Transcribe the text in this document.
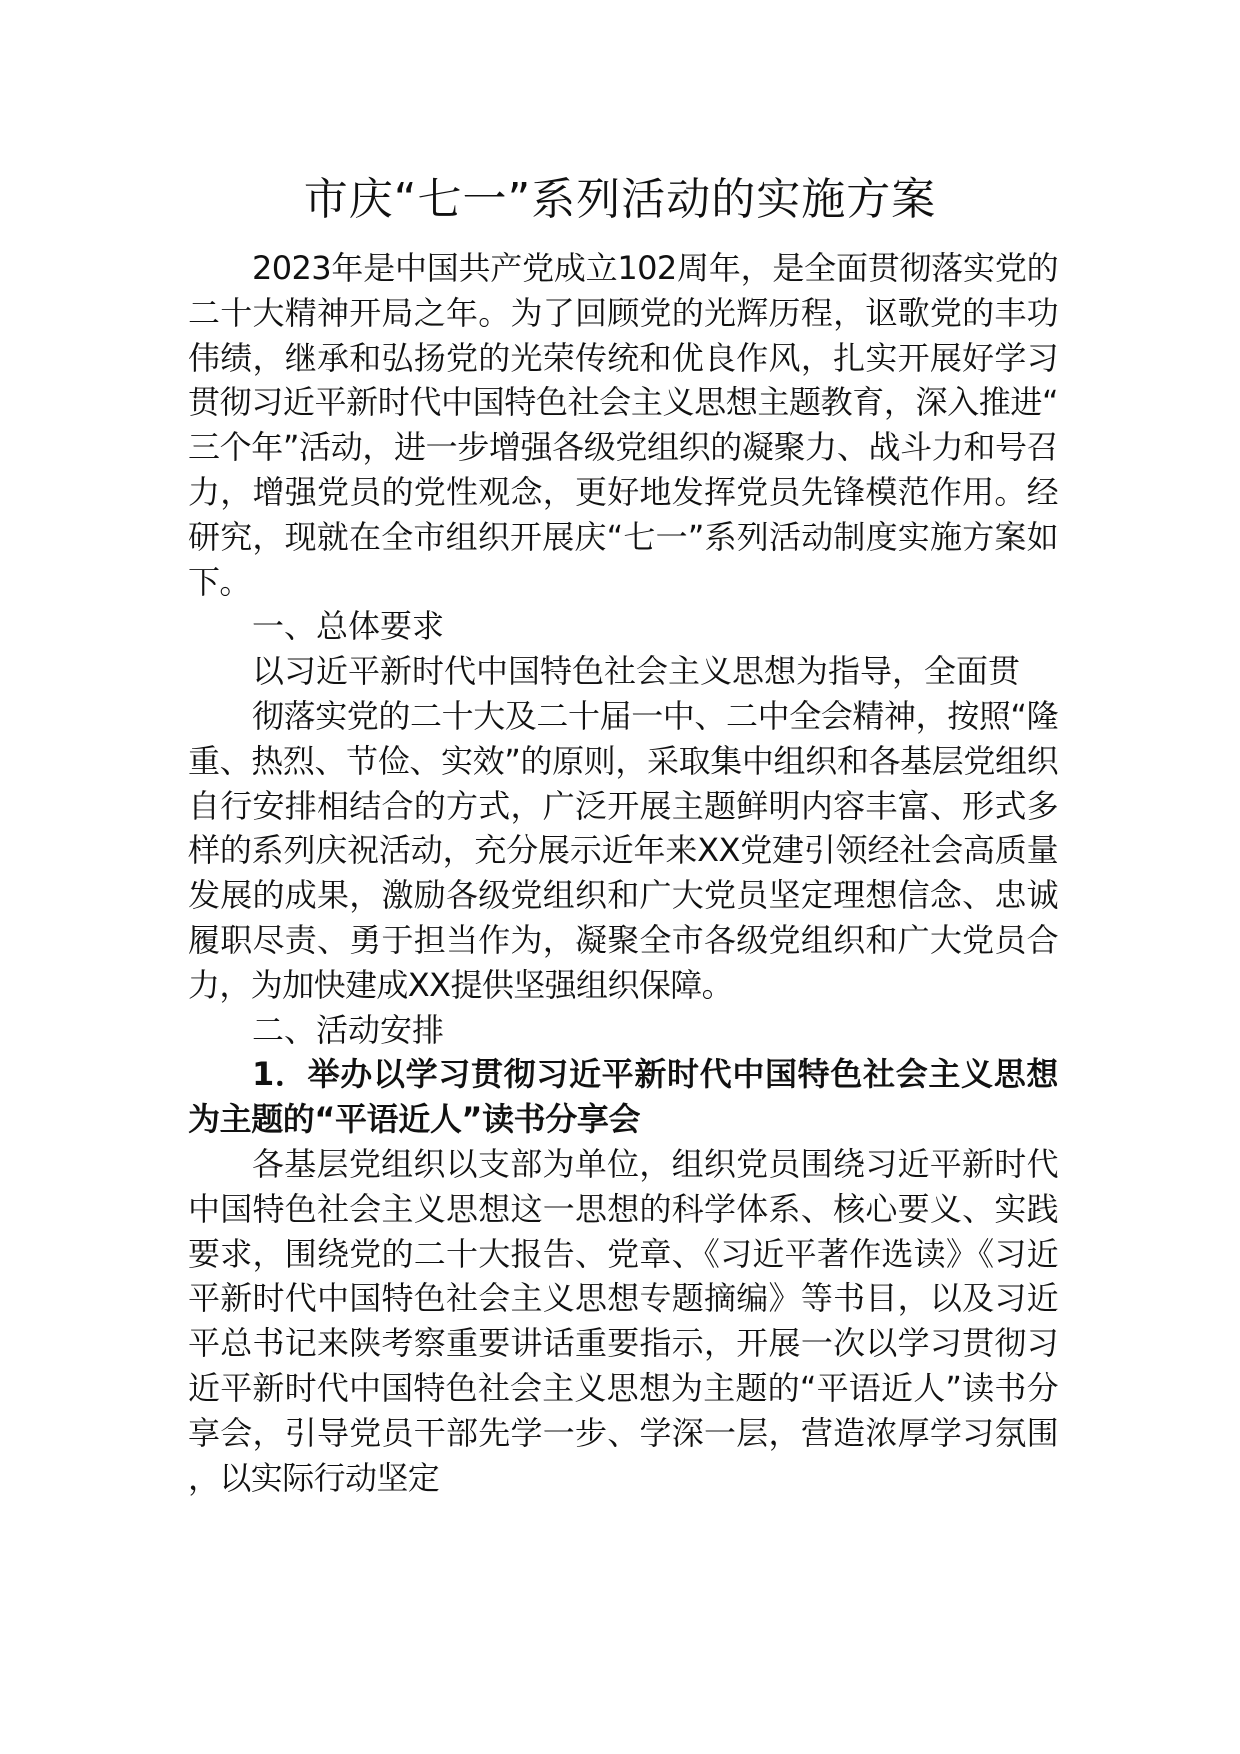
市庆“七一”系列活动的实施方案

2023年是中国共产党成立102周年，是全面贯彻落实党的二十大精神开局之年。为了回顾党的光辉历程，讴歌党的丰功伟绩，继承和弘扬党的光荣传统和优良作风，扎实开展好学习贯彻习近平新时代中国特色社会主义思想主题教育，深入推进“三个年”活动，进一步增强各级党组织的凝聚力、战斗力和号召力，增强党员的党性观念，更好地发挥党员先锋模范作用。经研究，现就在全市组织开展庆“七一”系列活动制度实施方案如下。

一、总体要求

以习近平新时代中国特色社会主义思想为指导，全面贯

彻落实党的二十大及二十届一中、二中全会精神，按照“隆重、热烈、节俭、实效”的原则，采取集中组织和各基层党组织自行安排相结合的方式，广泛开展主题鲜明内容丰富、形式多样的系列庆祝活动，充分展示近年来XX党建引领经社会高质量发展的成果，激励各级党组织和广大党员坚定理想信念、忠诚履职尽责、勇于担当作为，凝聚全市各级党组织和广大党员合力，为加快建成XX提供坚强组织保障。

二、活动安排

1．举办以学习贯彻习近平新时代中国特色社会主义思想为主题的“平语近人”读书分享会

各基层党组织以支部为单位，组织党员围绕习近平新时代中国特色社会主义思想这一思想的科学体系、核心要义、实践要求，围绕党的二十大报告、党章、《习近平著作选读》《习近平新时代中国特色社会主义思想专题摘编》等书目，以及习近平总书记来陕考察重要讲话重要指示，开展一次以学习贯彻习近平新时代中国特色社会主义思想为主题的“平语近人”读书分享会，引导党员干部先学一步、学深一层，营造浓厚学习氛围，以实际行动坚定
